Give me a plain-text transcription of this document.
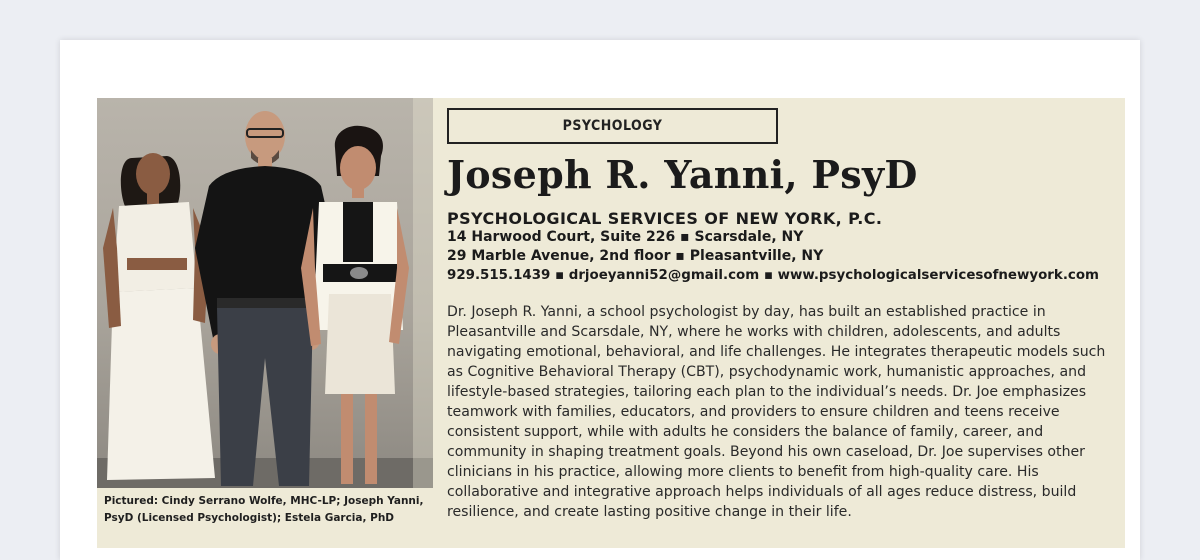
Pictured: Cindy Serrano Wolfe, MHC-LP; Joseph Yanni, PsyD (Licensed Psychologist); Estela Garcia, PhD
PSYCHOLOGY
Joseph R. Yanni, PsyD
PSYCHOLOGICAL SERVICES OF NEW YORK, P.C.
14 Harwood Court, Suite 226 ▪ Scarsdale, NY
29 Marble Avenue, 2nd floor ▪ Pleasantville, NY
929.515.1439 ▪ drjoeyanni52@gmail.com ▪ www.psychologicalservicesofnewyork.com
Dr. Joseph R. Yanni, a school psychologist by day, has built an established practice in Pleasantville and Scarsdale, NY, where he works with children, adolescents, and adults navigating emotional, behavioral, and life challenges. He integrates therapeutic models such as Cognitive Behavioral Therapy (CBT), psychodynamic work, humanistic approaches, and lifestyle-based strategies, tailoring each plan to the individual’s needs. Dr. Joe emphasizes teamwork with families, educators, and providers to ensure children and teens receive consistent support, while with adults he considers the balance of family, career, and community in shaping treatment goals. Beyond his own caseload, Dr. Joe supervises other clinicians in his practice, allowing more clients to benefit from high-quality care. His collaborative and integrative approach helps individuals of all ages reduce distress, build resilience, and create lasting positive change in their life.
